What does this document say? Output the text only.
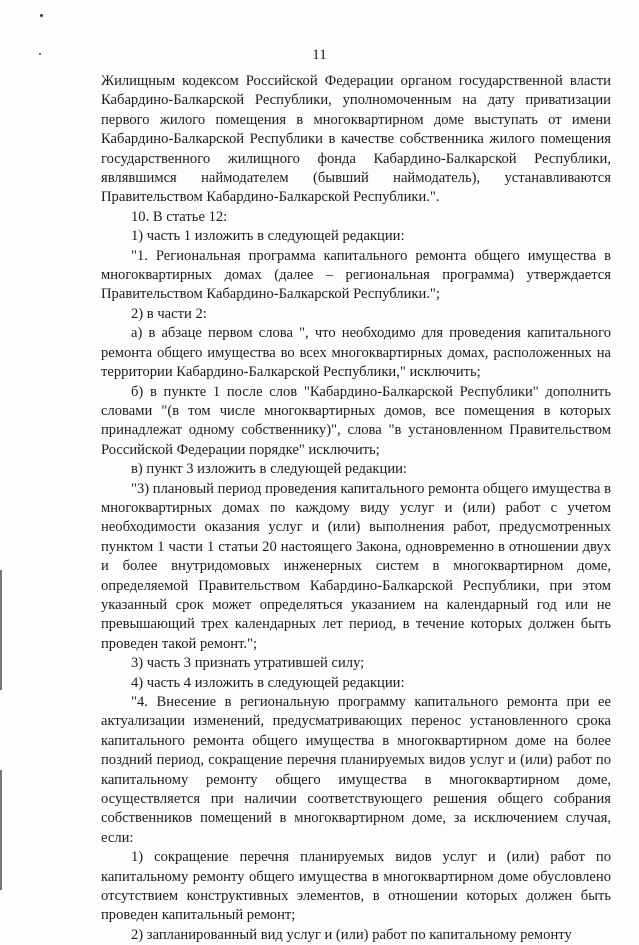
11

Жилищным кодексом Российской Федерации органом государственной власти Кабардино-Балкарской Республики, уполномоченным на дату приватизации первого жилого помещения в многоквартирном доме выступать от имени Кабардино-Балкарской Республики в качестве собственника жилого помещения государственного жилищного фонда Кабардино-Балкарской Республики, являвшимся наймодателем (бывший наймодатель), устанавливаются Правительством Кабардино-Балкарской Республики.".

10. В статье 12:

1) часть 1 изложить в следующей редакции:

"1. Региональная программа капитального ремонта общего имущества в многоквартирных домах (далее – региональная программа) утверждается Правительством Кабардино-Балкарской Республики.";

2) в части 2:

а) в абзаце первом слова ", что необходимо для проведения капитального ремонта общего имущества во всех многоквартирных домах, расположенных на территории Кабардино-Балкарской Республики," исключить;

б) в пункте 1 после слов "Кабардино-Балкарской Республики" дополнить словами "(в том числе многоквартирных домов, все помещения в которых принадлежат одному собственнику)", слова "в установленном Правительством Российской Федерации порядке" исключить;

в) пункт 3 изложить в следующей редакции:

"3) плановый период проведения капитального ремонта общего имущества в многоквартирных домах по каждому виду услуг и (или) работ с учетом необходимости оказания услуг и (или) выполнения работ, предусмотренных пунктом 1 части 1 статьи 20 настоящего Закона, одновременно в отношении двух и более внутридомовых инженерных систем в многоквартирном доме, определяемой Правительством Кабардино-Балкарской Республики, при этом указанный срок может определяться указанием на календарный год или не превышающий трех календарных лет период, в течение которых должен быть проведен такой ремонт.";

3) часть 3 признать утратившей силу;

4) часть 4 изложить в следующей редакции:

"4. Внесение в региональную программу капитального ремонта при ее актуализации изменений, предусматривающих перенос установленного срока капитального ремонта общего имущества в многоквартирном доме на более поздний период, сокращение перечня планируемых видов услуг и (или) работ по капитальному ремонту общего имущества в многоквартирном доме, осуществляется при наличии соответствующего решения общего собрания собственников помещений в многоквартирном доме, за исключением случая, если:

1) сокращение перечня планируемых видов услуг и (или) работ по капитальному ремонту общего имущества в многоквартирном доме обусловлено отсутствием конструктивных элементов, в отношении которых должен быть проведен капитальный ремонт;

2) запланированный вид услуг и (или) работ по капитальному ремонту
